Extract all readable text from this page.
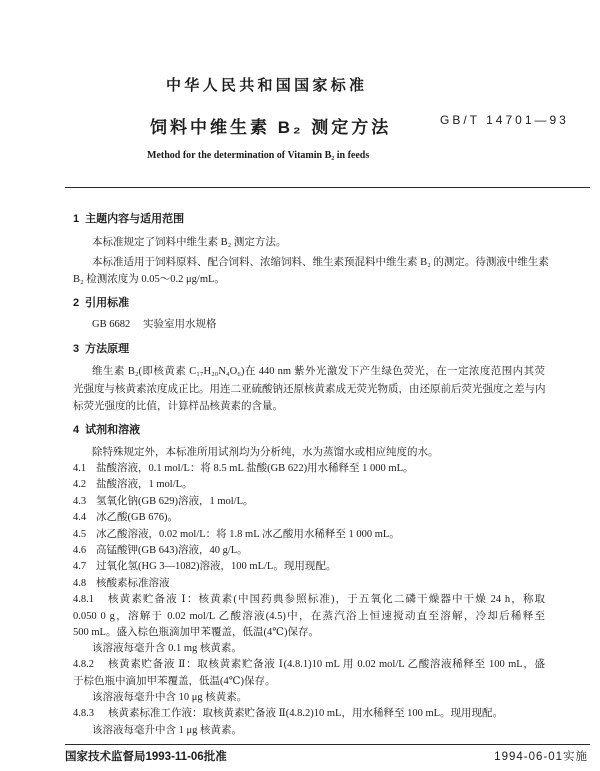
中华人民共和国国家标准
饲料中维生素 B₂ 测定方法	GB/T 14701—93
Method for the determination of Vitamin B₂ in feeds
1 主题内容与适用范围
本标准规定了饲料中维生素 B₂ 测定方法。
本标准适用于饲料原料、配合饲料、浓缩饲料、维生素预混料中维生素 B₂ 的测定。待测液中维生素
B₂ 检测浓度为 0.05～0.2 μg/mL。
2 引用标准
GB 6682 实验室用水规格
3 方法原理
维生素 B₂(即核黄素 C₁₇H₂₀N₄O₆)在 440 nm 紫外光激发下产生绿色荧光，在一定浓度范围内其荧
光强度与核黄素浓度成正比。用连二亚硫酸钠还原核黄素成无荧光物质，由还原前后荧光强度之差与内
标荧光强度的比值，计算样品核黄素的含量。
4 试剂和溶液
除特殊规定外，本标准所用试剂均为分析纯，水为蒸馏水或相应纯度的水。
4.1 盐酸溶液，0.1 mol/L：将 8.5 mL 盐酸(GB 622)用水稀释至 1 000 mL。
4.2 盐酸溶液，1 mol/L。
4.3 氢氧化钠(GB 629)溶液，1 mol/L。
4.4 冰乙酸(GB 676)。
4.5 冰乙酸溶液，0.02 mol/L：将 1.8 mL 冰乙酸用水稀释至 1 000 mL。
4.6 高锰酸钾(GB 643)溶液，40 g/L。
4.7 过氧化氢(HG 3—1082)溶液，100 mL/L。现用现配。
4.8 核酸素标准溶液
4.8.1 核黄素贮备液 Ⅰ：核黄素(中国药典参照标准)，于五氧化二磷干燥器中干燥 24 h，称取
0.050 0 g，溶解于 0.02 mol/L 乙酸溶液(4.5)中，在蒸汽浴上恒速搅动直至溶解，冷却后稀释至
500 mL。盛入棕色瓶滴加甲苯覆盖，低温(4℃)保存。
该溶液每毫升含 0.1 mg 核黄素。
4.8.2 核黄素贮备液 Ⅱ：取核黄素贮备液 Ⅰ(4.8.1)10 mL 用 0.02 mol/L 乙酸溶液稀释至 100 mL，盛
于棕色瓶中滴加甲苯覆盖，低温(4℃)保存。
该溶液每毫升中含 10 μg 核黄素。
4.8.3 核黄素标准工作液：取核黄素贮备液 Ⅱ(4.8.2)10 mL，用水稀释至 100 mL。现用现配。
该溶液每毫升中含 1 μg 核黄素。
国家技术监督局1993-11-06批准	1994-06-01实施
